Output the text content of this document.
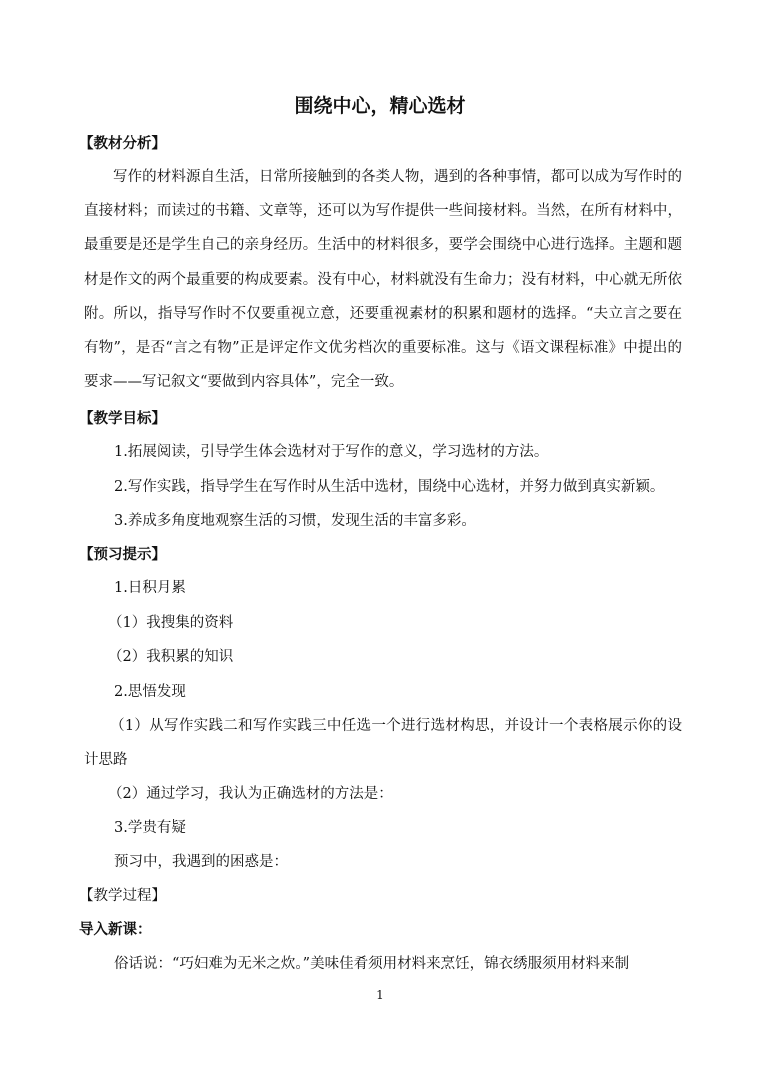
围绕中心，精心选材
【教材分析】

写作的材料源自生活，日常所接触到的各类人物，遇到的各种事情，都可以成为写作时的直接材料；而读过的书籍、文章等，还可以为写作提供一些间接材料。当然，在所有材料中，最重要是还是学生自己的亲身经历。生活中的材料很多，要学会围绕中心进行选择。主题和题材是作文的两个最重要的构成要素。没有中心，材料就没有生命力；没有材料，中心就无所依附。所以，指导写作时不仅要重视立意，还要重视素材的积累和题材的选择。“夫立言之要在有物”，是否“言之有物”正是评定作文优劣档次的重要标准。这与《语文课程标准》中提出的要求——写记叙文“要做到内容具体”，完全一致。

【教学目标】
1.拓展阅读，引导学生体会选材对于写作的意义，学习选材的方法。
2.写作实践，指导学生在写作时从生活中选材，围绕中心选材，并努力做到真实新颖。
3.养成多角度地观察生活的习惯，发现生活的丰富多彩。
【预习提示】
1.日积月累
（1）我搜集的资料
（2）我积累的知识
2.思悟发现

（1）从写作实践二和写作实践三中任选一个进行选材构思，并设计一个表格展示你的设计思路

（2）通过学习，我认为正确选材的方法是：
3.学贵有疑
预习中，我遇到的困惑是：
【教学过程】
导入新课：
俗话说：“巧妇难为无米之炊。”美味佳肴须用材料来烹饪，锦衣绣服须用材料来制
1
